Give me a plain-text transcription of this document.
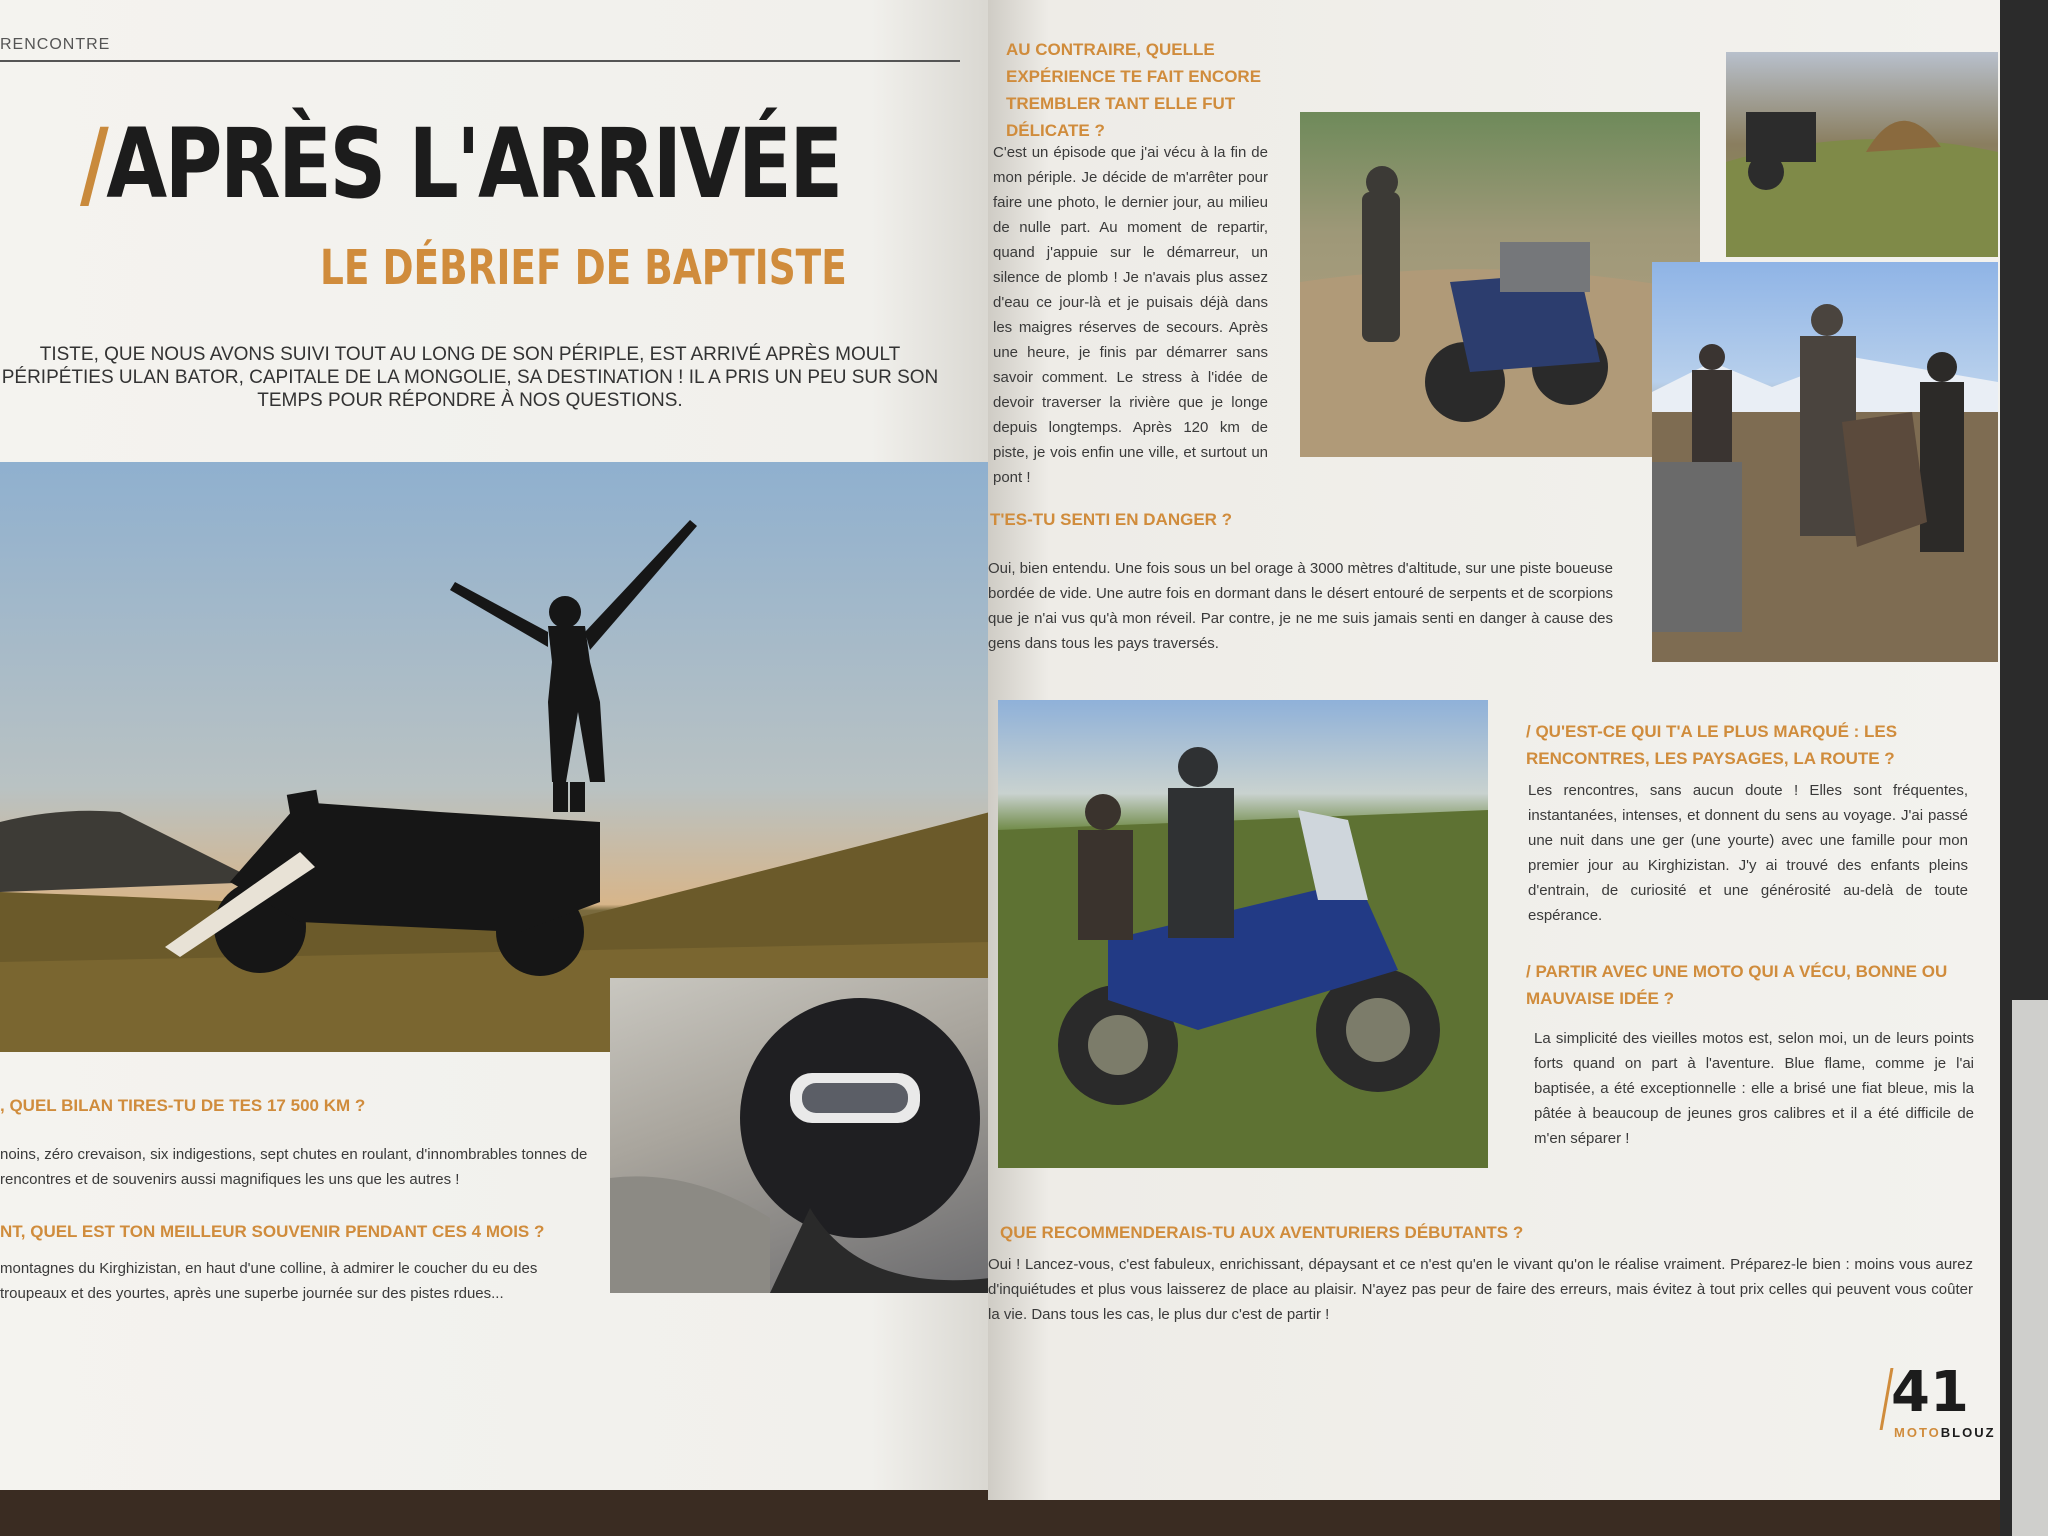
RENCONTRE
/APRÈS L'ARRIVÉE
LE DÉBRIEF DE BAPTISTE

TISTE, QUE NOUS AVONS SUIVI TOUT AU LONG DE SON PÉRIPLE, EST ARRIVÉ APRÈS MOULT PÉRIPÉTIES ULAN BATOR, CAPITALE DE LA MONGOLIE, SA DESTINATION ! IL A PRIS UN PEU SUR SON TEMPS POUR RÉPONDRE À NOS QUESTIONS.

, QUEL BILAN TIRES-TU DE TES 17 500 KM ?

noins, zéro crevaison, six indigestions, sept chutes en roulant, d'innombrables tonnes de rencontres et de souvenirs aussi magnifiques les uns que les autres !

NT, QUEL EST TON MEILLEUR SOUVENIR PENDANT CES 4 MOIS ?

montagnes du Kirghizistan, en haut d'une colline, à admirer le coucher du eu des troupeaux et des yourtes, après une superbe journée sur des pistes rdues...

AU CONTRAIRE, QUELLE EXPÉRIENCE TE FAIT ENCORE TREMBLER TANT ELLE FUT DÉLICATE ?

C'est un épisode que j'ai vécu à la fin de mon périple. Je décide de m'arrêter pour faire une photo, le dernier jour, au milieu de nulle part. Au moment de repartir, quand j'appuie sur le démarreur, un silence de plomb ! Je n'avais plus assez d'eau ce jour-là et je puisais déjà dans les maigres réserves de secours. Après une heure, je finis par démarrer sans savoir comment. Le stress à l'idée de devoir traverser la rivière que je longe depuis longtemps. Après 120 km de piste, je vois enfin une ville, et surtout un pont !

T'ES-TU SENTI EN DANGER ?

Oui, bien entendu. Une fois sous un bel orage à 3000 mètres d'altitude, sur une piste boueuse bordée de vide. Une autre fois en dormant dans le désert entouré de serpents et de scorpions que je n'ai vus qu'à mon réveil. Par contre, je ne me suis jamais senti en danger à cause des gens dans tous les pays traversés.

/ QU'EST-CE QUI T'A LE PLUS MARQUÉ : LES RENCONTRES, LES PAYSAGES, LA ROUTE ?

Les rencontres, sans aucun doute ! Elles sont fréquentes, instantanées, intenses, et donnent du sens au voyage. J'ai passé une nuit dans une ger (une yourte) avec une famille pour mon premier jour au Kirghizistan. J'y ai trouvé des enfants pleins d'entrain, de curiosité et une générosité au-delà de toute espérance.

/ PARTIR AVEC UNE MOTO QUI A VÉCU, BONNE OU MAUVAISE IDÉE ?

La simplicité des vieilles motos est, selon moi, un de leurs points forts quand on part à l'aventure. Blue flame, comme je l'ai baptisée, a été exceptionnelle : elle a brisé une fiat bleue, mis la pâtée à beaucoup de jeunes gros calibres et il a été difficile de m'en séparer !

QUE RECOMMENDERAIS-TU AUX AVENTURIERS DÉBUTANTS ?

Oui ! Lancez-vous, c'est fabuleux, enrichissant, dépaysant et ce n'est qu'en le vivant qu'on le réalise vraiment. Préparez-le bien : moins vous aurez d'inquiétudes et plus vous laisserez de place au plaisir. N'ayez pas peur de faire des erreurs, mais évitez à tout prix celles qui peuvent vous coûter la vie. Dans tous les cas, le plus dur c'est de partir !

41
MOTOBLOUZ
